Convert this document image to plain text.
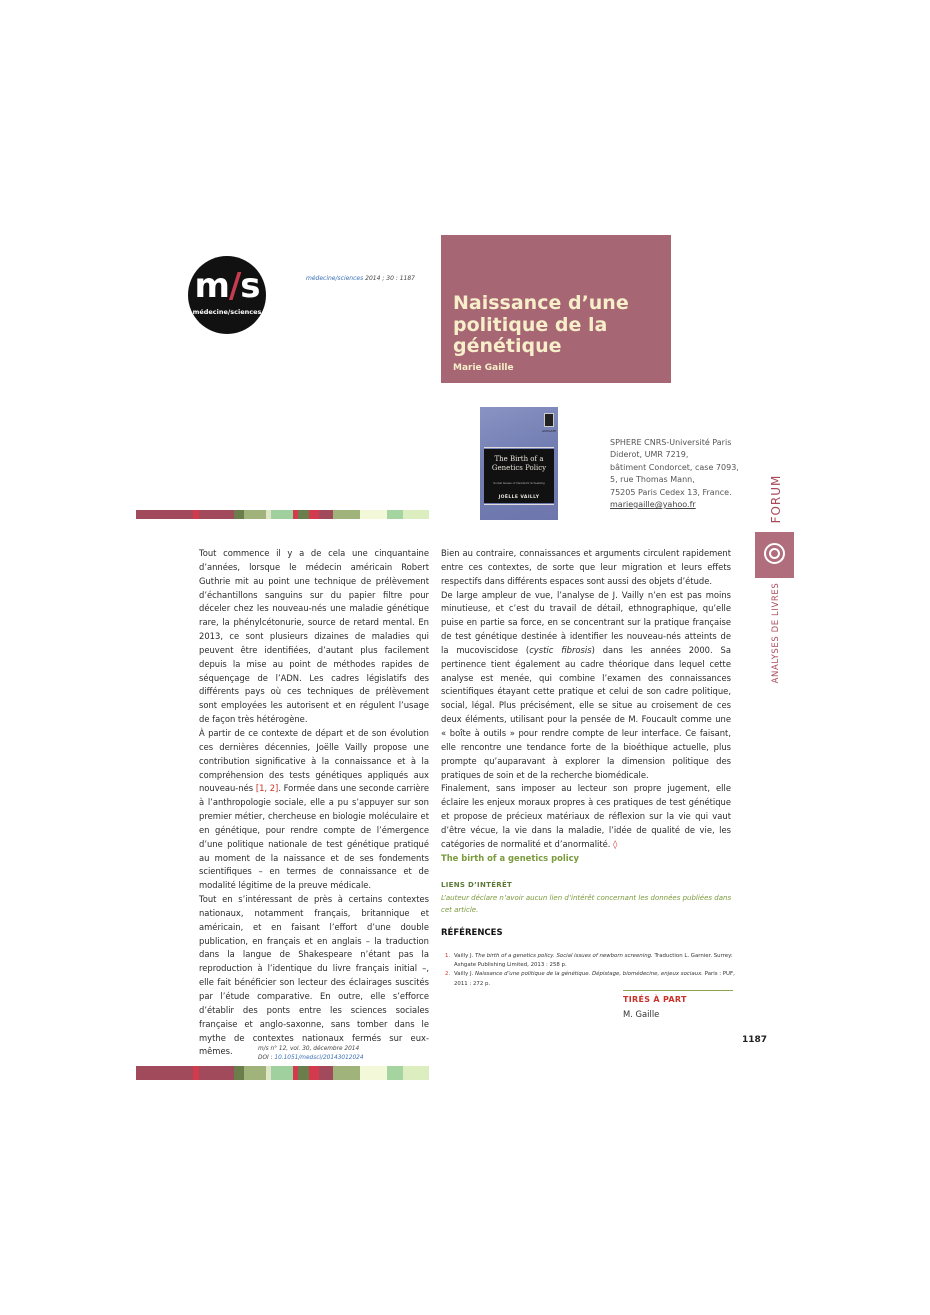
m/s
médecine/sciences
médecine/sciences 2014 ; 30 : 1187
Naissance d’une politique de la génétique
Marie Gaille
ASHGATE
The Birth of a Genetics Policy
Social Issues of Newborn Screening
JOËLLE VAILLY
SPHERE CNRS-Université Paris
Diderot, UMR 7219,
bâtiment Condorcet, case 7093,
5, rue Thomas Mann,
75205 Paris Cedex 13, France.
mariegaille@yahoo.fr	FORUM
ANALYSES DE LIVRES

Tout commence il y a de cela une cinquantaine d’années, lorsque le médecin américain Robert Guthrie mit au point une technique de prélèvement d’échantillons sanguins sur du papier filtre pour déceler chez les nouveau-nés une maladie génétique rare, la phénylcétonurie, source de retard mental. En 2013, ce sont plusieurs dizaines de maladies qui peuvent être identifiées, d’autant plus facilement depuis la mise au point de méthodes rapides de séquençage de l’ADN. Les cadres législatifs des différents pays où ces techniques de prélèvement sont employées les autorisent et en régulent l’usage de façon très hétérogène.

À partir de ce contexte de départ et de son évolution ces dernières décennies, Joëlle Vailly propose une contribution significative à la connaissance et à la compréhension des tests génétiques appliqués aux nouveau-nés [1, 2]. Formée dans une seconde carrière à l’anthropologie sociale, elle a pu s’appuyer sur son premier métier, chercheuse en biologie moléculaire et en génétique, pour rendre compte de l’émergence d’une politique nationale de test génétique pratiqué au moment de la naissance et de ses fondements scientifiques – en termes de connaissance et de modalité légitime de la preuve médicale.

Tout en s’intéressant de près à certains contextes nationaux, notamment français, britannique et américain, et en faisant l’effort d’une double publication, en français et en anglais – la traduction dans la langue de Shakespeare n’étant pas la reproduction à l’identique du livre français initial –, elle fait bénéficier son lecteur des éclairages suscités par l’étude comparative. En outre, elle s’efforce d’établir des ponts entre les sciences sociales française et anglo-saxonne, sans tomber dans le mythe de contextes nationaux fermés sur eux-mêmes.

Bien au contraire, connaissances et arguments circulent rapidement entre ces contextes, de sorte que leur migration et leurs effets respectifs dans différents espaces sont aussi des objets d’étude.

De large ampleur de vue, l’analyse de J. Vailly n’en est pas moins minutieuse, et c’est du travail de détail, ethnographique, qu’elle puise en partie sa force, en se concentrant sur la pratique française de test génétique destinée à identifier les nouveau-nés atteints de la mucoviscidose (cystic fibrosis) dans les années 2000. Sa pertinence tient également au cadre théorique dans lequel cette analyse est menée, qui combine l’examen des connaissances scientifiques étayant cette pratique et celui de son cadre politique, social, légal. Plus précisément, elle se situe au croisement de ces deux éléments, utilisant pour la pensée de M. Foucault comme une « boîte à outils » pour rendre compte de leur interface. Ce faisant, elle rencontre une tendance forte de la bioéthique actuelle, plus prompte qu’auparavant à explorer la dimension politique des pratiques de soin et de la recherche biomédicale.

Finalement, sans imposer au lecteur son propre jugement, elle éclaire les enjeux moraux propres à ces pratiques de test génétique et propose de précieux matériaux de réflexion sur la vie qui vaut d’être vécue, la vie dans la maladie, l’idée de qualité de vie, les catégories de normalité et d’anormalité. ◊

The birth of a genetics policy

LIENS D’INTÉRÊT
L’auteur déclare n’avoir aucun lien d’intérêt concernant les données publiées dans cet article.
RÉFÉRENCES
1. Vailly J. The birth of a genetics policy. Social issues of newborn screening. Traduction L. Garnier. Surrey: Ashgate Publishing Limited, 2013 : 258 p.
2. Vailly J. Naissance d’une politique de la génétique. Dépistage, biomédecine, enjeux sociaux. Paris : PUF, 2011 : 272 p.
TIRÉS À PART
M. Gaille
1187
m/s n° 12, vol. 30, décembre 2014
DOI : 10.1051/medsci/20143012024
